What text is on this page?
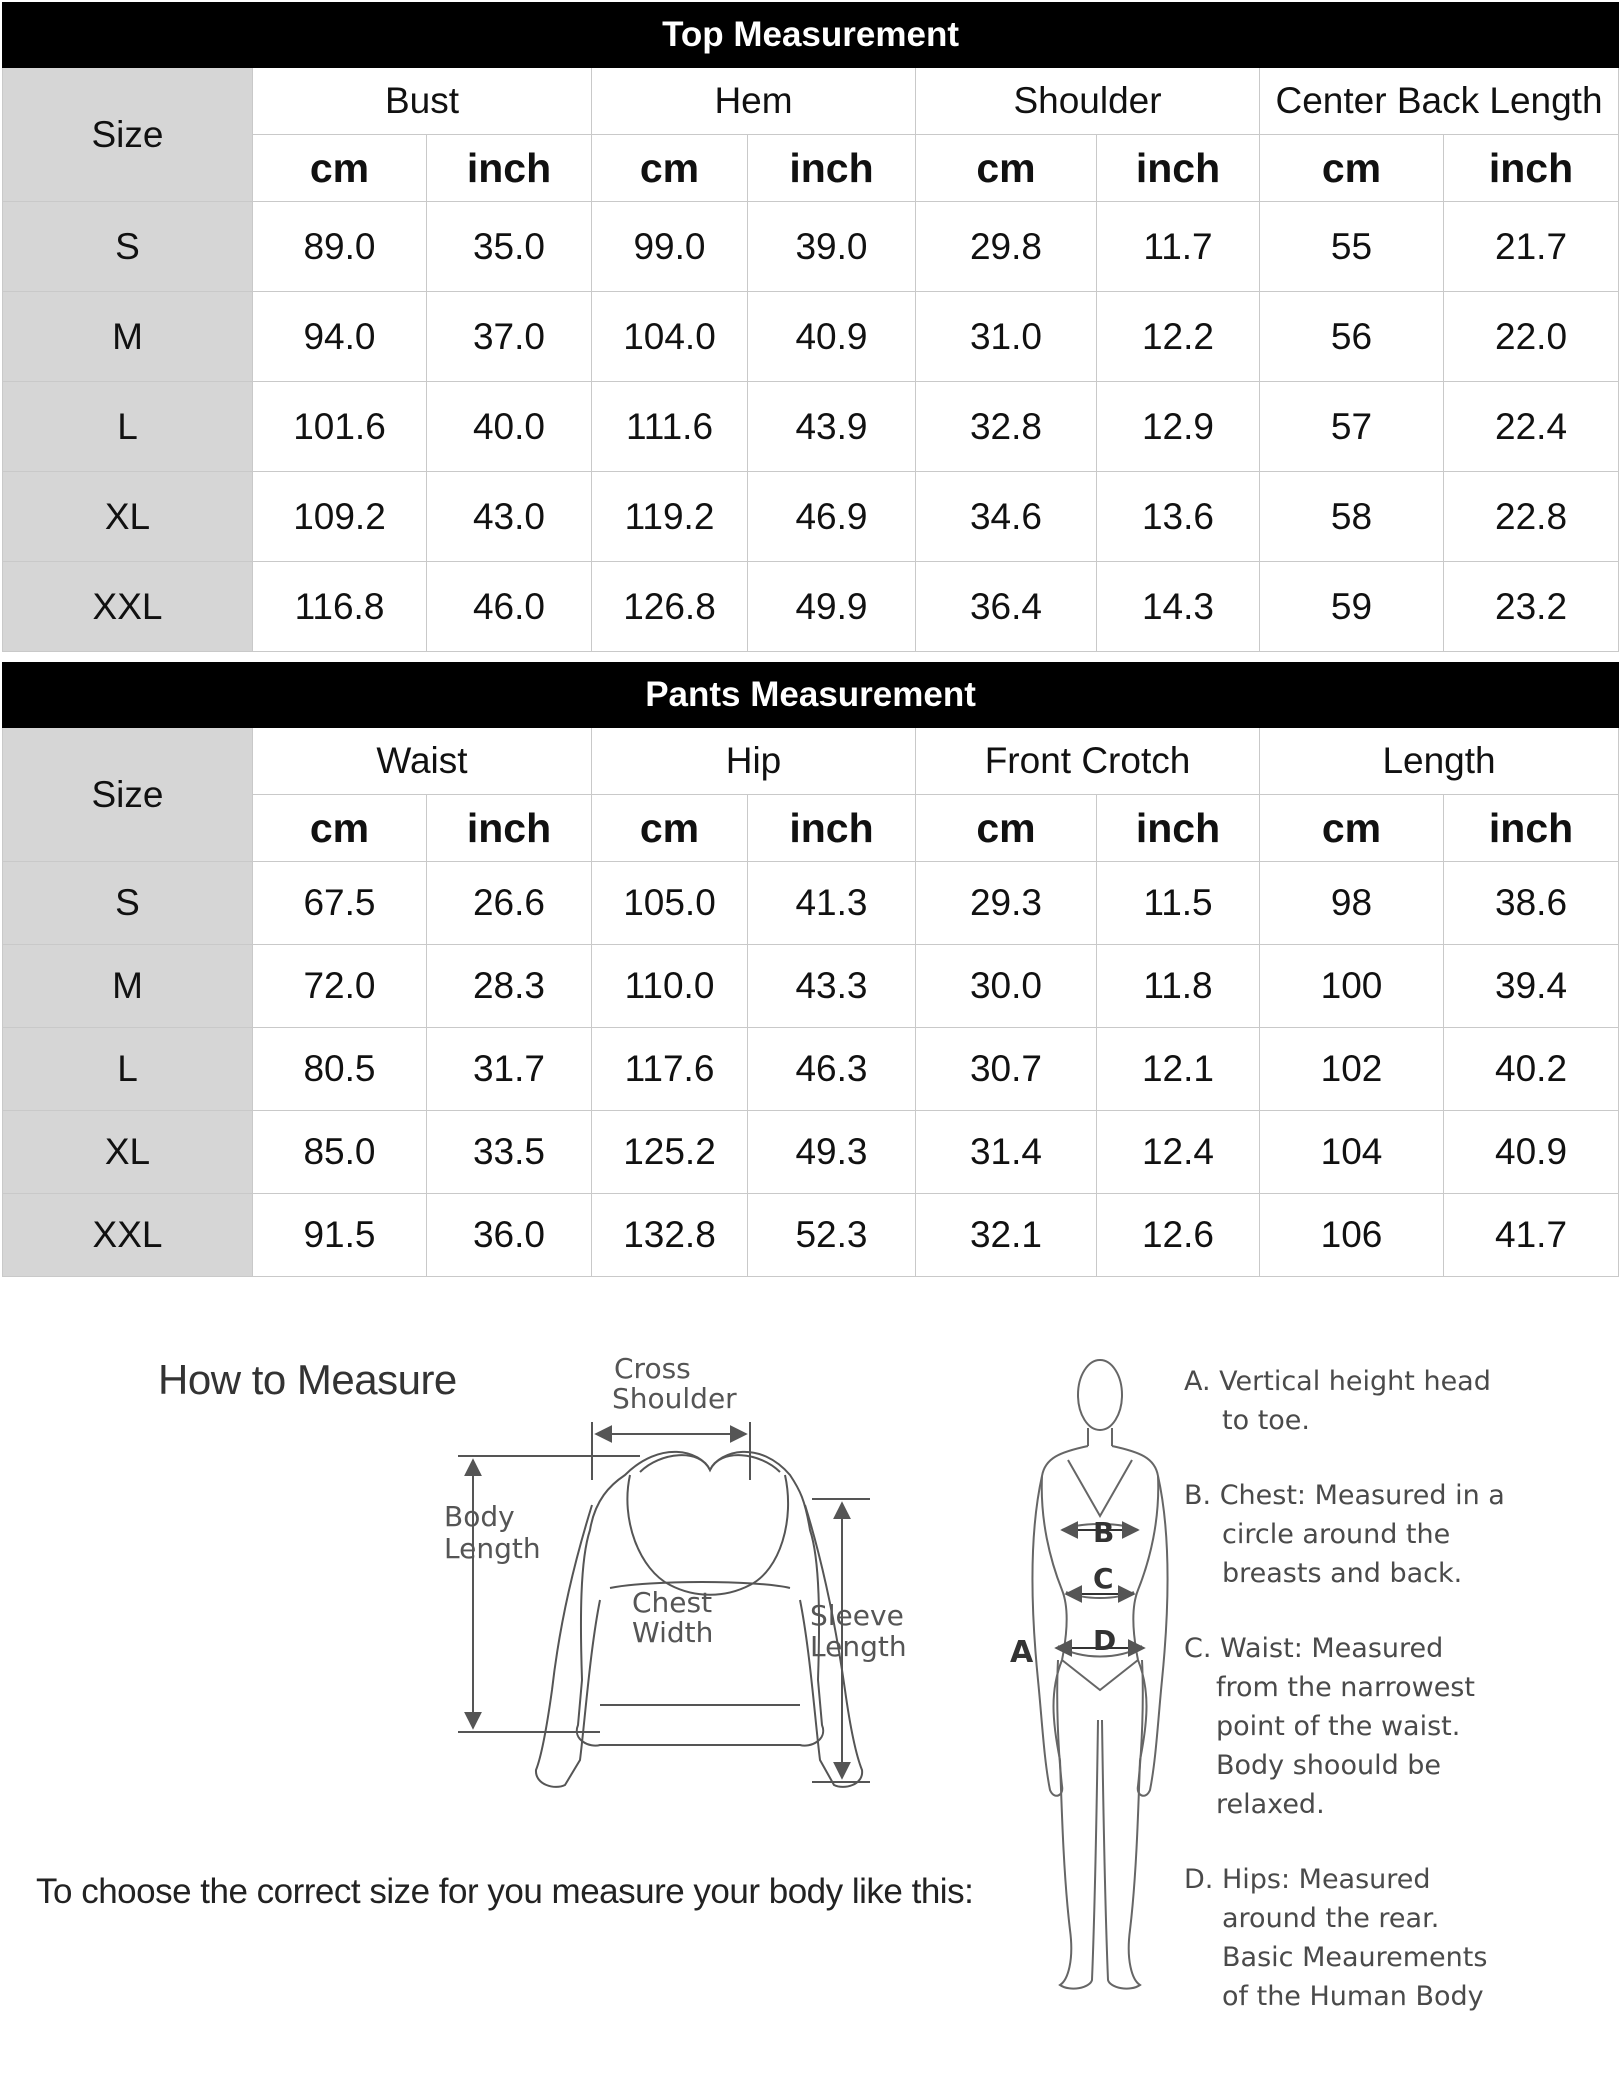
Top Measurement								
Size	Bust		Hem		Shoulder		Center Back Length	
	cm	inch	cm	inch	cm	inch	cm	inch
S	89.0	35.0	99.0	39.0	29.8	11.7	55	21.7
M	94.0	37.0	104.0	40.9	31.0	12.2	56	22.0
L	101.6	40.0	111.6	43.9	32.8	12.9	57	22.4
XL	109.2	43.0	119.2	46.9	34.6	13.6	58	22.8
XXL	116.8	46.0	126.8	49.9	36.4	14.3	59	23.2
Pants Measurement								
Size	Waist		Hip		Front Crotch		Length	
	cm	inch	cm	inch	cm	inch	cm	inch
S	67.5	26.6	105.0	41.3	29.3	11.5	98	38.6
M	72.0	28.3	110.0	43.3	30.0	11.8	100	39.4
L	80.5	31.7	117.6	46.3	30.7	12.1	102	40.2
XL	85.0	33.5	125.2	49.3	31.4	12.4	104	40.9
XXL	91.5	36.0	132.8	52.3	32.1	12.6	106	41.7
How to Measure	Cross
Shoulder
Body
Length
Chest
Width
Sleeve
Length
B
C
D
A
A. Vertical height head
to toe.
B. Chest: Measured in a
circle around the
breasts and back.
C. Waist: Measured
from the narrowest
point of the waist.
Body shoould be
relaxed.
D. Hips: Measured
around the rear.
Basic Meaurements
of the Human Body
To choose the correct size for you measure your body like this:
